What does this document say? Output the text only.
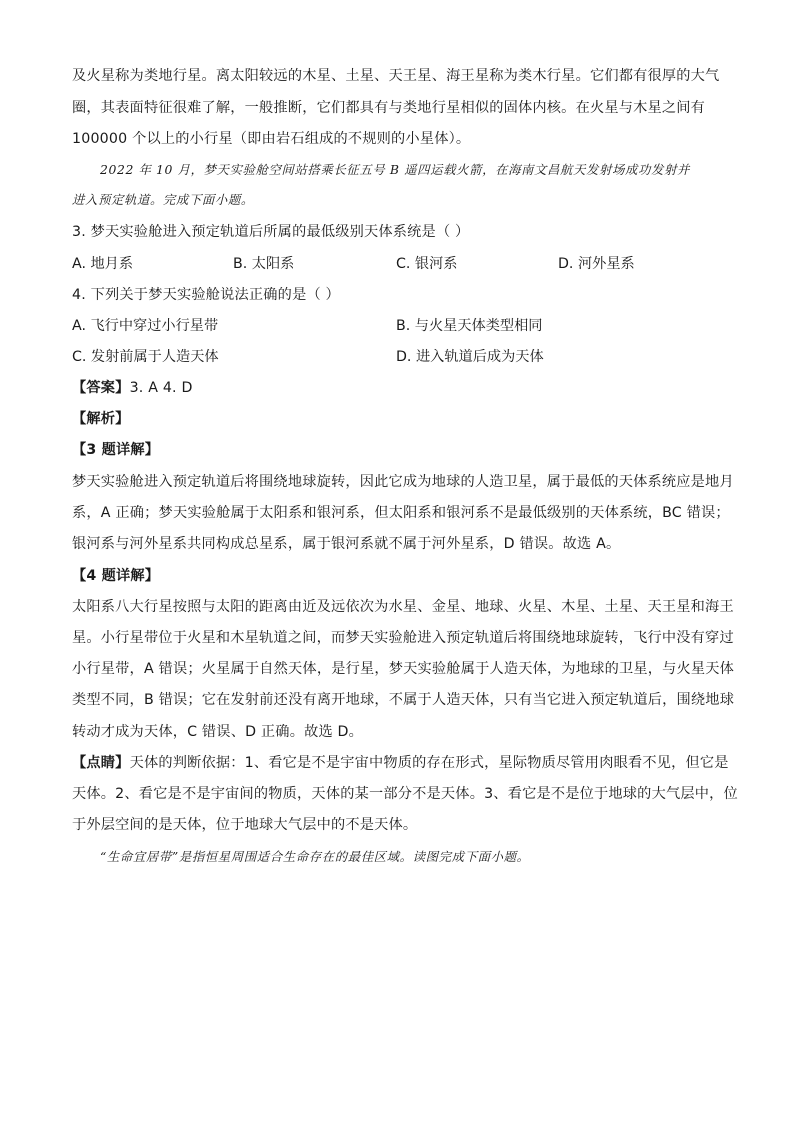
及火星称为类地行星。离太阳较远的木星、土星、天王星、海王星称为类木行星。它们都有很厚的大气
圈，其表面特征很难了解，一般推断，它们都具有与类地行星相似的固体内核。在火星与木星之间有
100000 个以上的小行星（即由岩石组成的不规则的小星体）。
2022 年 10 月，梦天实验舱空间站搭乘长征五号 B 遥四运载火箭，在海南文昌航天发射场成功发射并
进入预定轨道。完成下面小题。
3. 梦天实验舱进入预定轨道后所属的最低级别天体系统是（ ）
A. 地月系	B. 太阳系	C. 银河系	D. 河外星系
4. 下列关于梦天实验舱说法正确的是（ ）
A. 飞行中穿过小行星带	B. 与火星天体类型相同
C. 发射前属于人造天体	D. 进入轨道后成为天体
【答案】3. A 4. D
【解析】
【3 题详解】
梦天实验舱进入预定轨道后将围绕地球旋转，因此它成为地球的人造卫星，属于最低的天体系统应是地月
系，A 正确；梦天实验舱属于太阳系和银河系，但太阳系和银河系不是最低级别的天体系统，BC 错误；
银河系与河外星系共同构成总星系，属于银河系就不属于河外星系，D 错误。故选 A。
【4 题详解】
太阳系八大行星按照与太阳的距离由近及远依次为水星、金星、地球、火星、木星、土星、天王星和海王
星。小行星带位于火星和木星轨道之间，而梦天实验舱进入预定轨道后将围绕地球旋转，飞行中没有穿过
小行星带，A 错误；火星属于自然天体，是行星，梦天实验舱属于人造天体，为地球的卫星，与火星天体
类型不同，B 错误；它在发射前还没有离开地球，不属于人造天体，只有当它进入预定轨道后，围绕地球
转动才成为天体，C 错误、D 正确。故选 D。
【点睛】天体的判断依据：1、看它是不是宇宙中物质的存在形式，星际物质尽管用肉眼看不见，但它是
天体。2、看它是不是宇宙间的物质，天体的某一部分不是天体。3、看它是不是位于地球的大气层中，位
于外层空间的是天体，位于地球大气层中的不是天体。
“生命宜居带”是指恒星周围适合生命存在的最佳区域。读图完成下面小题。
